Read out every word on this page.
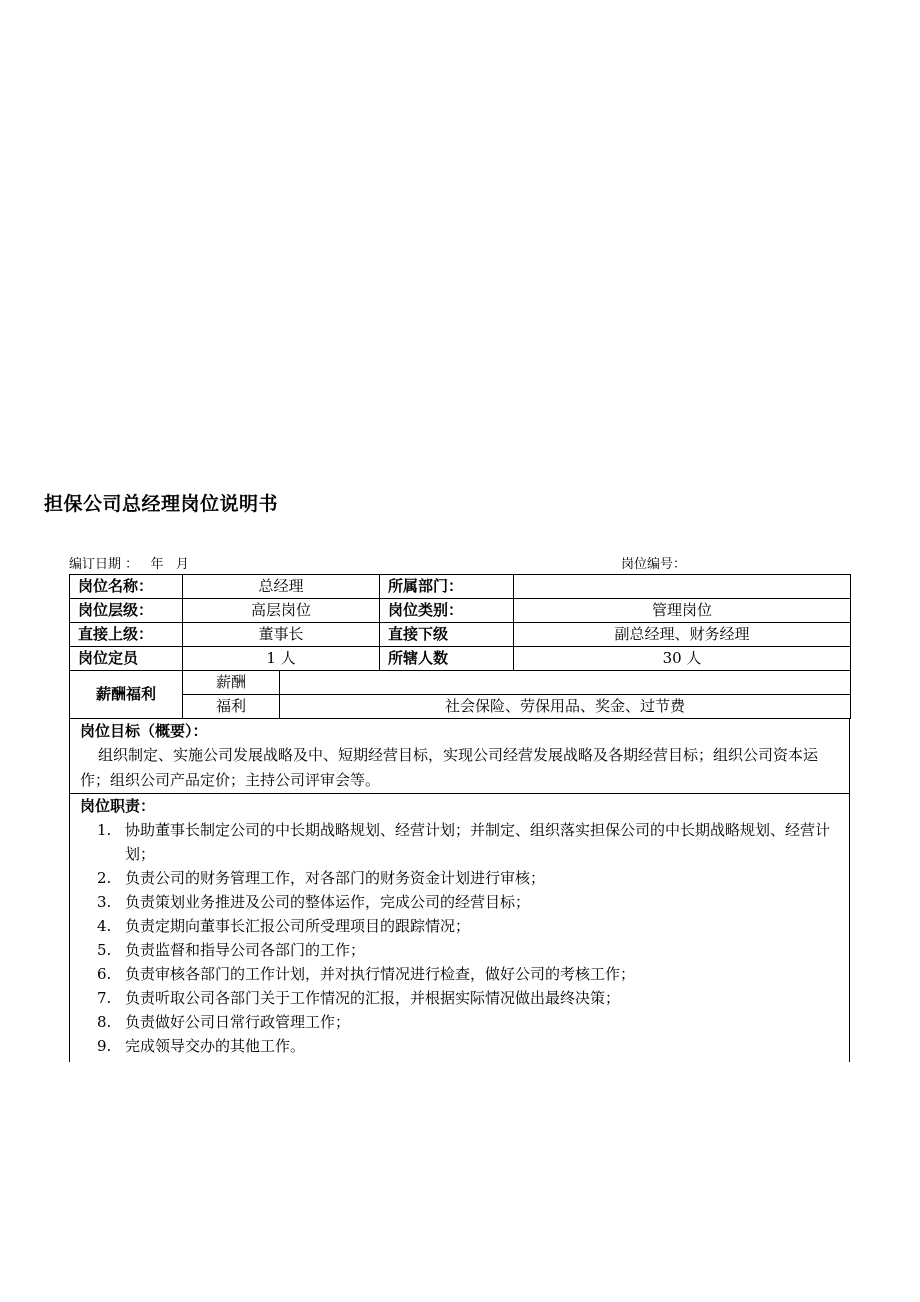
担保公司总经理岗位说明书
编订日期 ：   年   月	岗位编号：
岗位名称：	总经理		所属部门：	
岗位层级：	高层岗位		岗位类别：	管理岗位
直接上级：	董事长		直接下级	副总经理、财务经理
岗位定员	1 人		所辖人数	30 人
薪酬福利	薪酬			
	福利	社会保险、劳保用品、奖金、过节费		
岗位目标（概要）：
组织制定、实施公司发展战略及中、短期经营目标，实现公司经营发展战略及各期经营目标；组织公司资本运作；组织公司产品定价；主持公司评审会等。
岗位职责：
1. 协助董事长制定公司的中长期战略规划、经营计划；并制定、组织落实担保公司的中长期战略规划、经营计划；
2. 负责公司的财务管理工作，对各部门的财务资金计划进行审核；
3. 负责策划业务推进及公司的整体运作，完成公司的经营目标；
4. 负责定期向董事长汇报公司所受理项目的跟踪情况；
5. 负责监督和指导公司各部门的工作；
6. 负责审核各部门的工作计划，并对执行情况进行检查，做好公司的考核工作；
7. 负责听取公司各部门关于工作情况的汇报，并根据实际情况做出最终决策；
8. 负责做好公司日常行政管理工作；
9. 完成领导交办的其他工作。
